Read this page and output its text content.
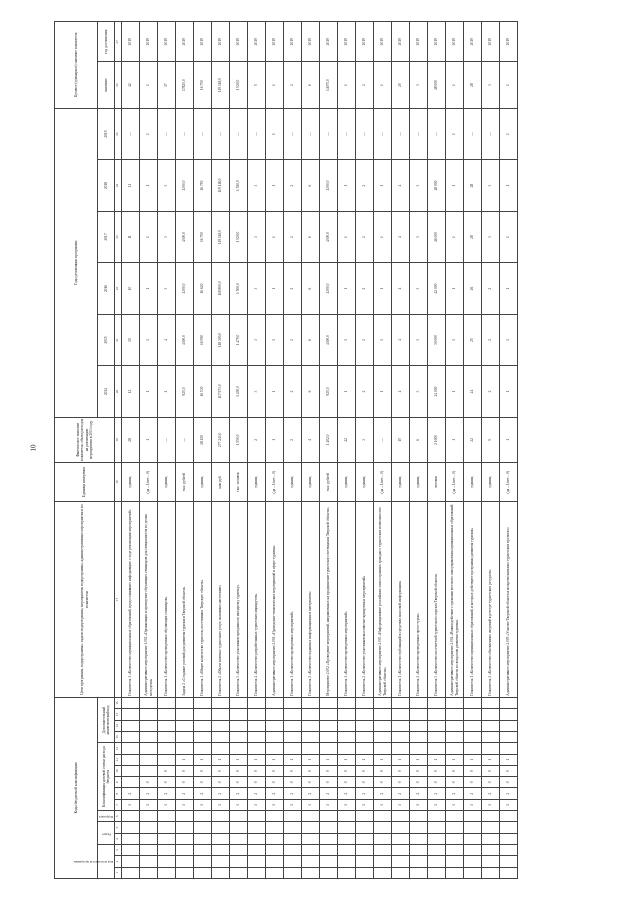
10
Коды бюджетной классификации																Цели программы, подпрограммы, задачи подпрограммы, мероприятия подпрограммы, административные мероприятия и их показатели	Единица измерения	Фактическое значение показателя, объем расходов на реализацию мероприятия в 2013 году	Годы реализации программы						Целевое (суммарное) значение показателя	
Код исполнителя программы			Раздел		Подраздел	Классификация целевой статьи расхода бюджета						Дополнительный аналитический код							2014	2015	2016	2017	2018	2019	значение	год достижения
1	2	3	4	5	6	7	8	9	10	11	12	13	14	15	16	17	18	19	20	21	22	23	24	25	26	27
						1	2									Показатель 1 «Количество муниципальных образований, предоставивших информацию о ходе реализации мероприятий»	единиц	28	12	10	10	11	11	—	42	2019
						1	2	0								Административное мероприятие 1.002 «Организация и проведение обучающих семинаров для специалистов по делам молодежи»	(да – 1/нет – 0)	1	1	1	1	1	1	1	1	2019
						1	2	0	0							Показатель 1 «Количество проведенных обучающих семинаров»	единиц	—	4	4	3	3	3	—	17	2019
						1	2	0	0	1						Задача 2 «Создание условий для развития туризма в Тверской области»	тыс. рублей	—	925,0	4300,0	4300,0	4300,0	4300,0	—	17825,0	2019
						1	2	0	0	1						Показатель 1 «Общее количество туристов, посетивших Тверскую область»	единиц	18 450	16 530	16 590	16 620	16 750	16 750	—	16 750	2019
						1	2	0	0	1						Показатель 2 «Объем платных туристских услуг, оказанных населению»	млн руб.	277 243,0	117 973,0	118 300,0	118 800,0	119 118,0	119 118,0	—	119 118,0	2019
						1	2	0	0	1						Показатель 3 «Количество участников программ по въездному туризму»	тыс. человек	1 550,0	1 450,0	1 470,0	1 500,0	1 520,0	1 520,0	—	1 520,0	2019
						1	2	0	0	1						Показатель 4 «Количество разработанных туристских маршрутов»	единиц	2	3	3	3	3	3	—	5	2019
						1	2	0	0	1						Административное мероприятие 2.001 «Проведение тематических мероприятий в сфере туризма»	(да – 1/нет – 0)	1	1	1	1	1	1	1	1	2019
						1	2	0	0	1						Показатель 1 «Количество проведенных мероприятий»	единиц	2	2	2	2	2	2	—	2	2019
						1	2	0	0	1						Показатель 2 «Количество изданных информационных материалов»	единиц	4	6	6	6	6	6	—	6	2019
						1	2	0	0	1						Мероприятие 2.002 «Проведение мероприятий, направленных на продвижение туристского потенциала Тверской области»	тыс. рублей	1 402,0	925,0	4300,0	4300,0	4300,0	4300,0	—	14075,0	2019
						1	2	0	0	1						Показатель 1 «Количество проведенных мероприятий»	единиц	42	1	1	1	1	1	—	1	2019
						1	2	0	0	1						Показатель 2 «Количество участников выставочно-ярмарочных мероприятий»	единиц	3	2	2	2	2	2	—	2	2019
						1	2	0	0	1						Административное мероприятие 2.003 «Информирование российских и иностранных граждан о туристских возможностях Тверской области»	(да – 1/нет – 0)	—	1	1	1	1	1	—	1	2019
						1	2	0	0	1						Показатель 1 «Количество публикаций в средствах массовой информации»	единиц	15	4	4	4	4	4	—	20	2019
						1	2	0	0	1						Показатель 2 «Количество проведенных пресс-туров»	единиц	6	3	3	3	3	3	—	3	2019
						1	2	0	0	1						Показатель 3 «Количество посетителей туристского портала Тверской области»	человек	2 1000	24 000	30 000	42 000	46 000	48 000	—	48 000	2019
						1	2	0	0	1						Административное мероприятие 2.004 «Взаимодействие с органами местного самоуправления муниципальных образований Тверской области по вопросам развития туризма»	(да – 1/нет – 0)	1	1	1	1	1	1	1	1	2019
						1	2	0	0	1						Показатель 1 «Количество муниципальных образований, в которых действуют программы развития туризма»	единиц	22	24	25	26	28	28	—	28	2019
						1	2	0	0	1						Показатель 2 «Количество обновленных сведений в реестре туристских ресурсов»	единиц	5	2	2	2	3	3	—	3	2019
						1	2	0	0	1						Административное мероприятие 2.005 «Участие Тверской области в межрегиональных туристских проектах»	(да – 1/нет – 0)	1	1	1	1	1	1	1	1	2019
